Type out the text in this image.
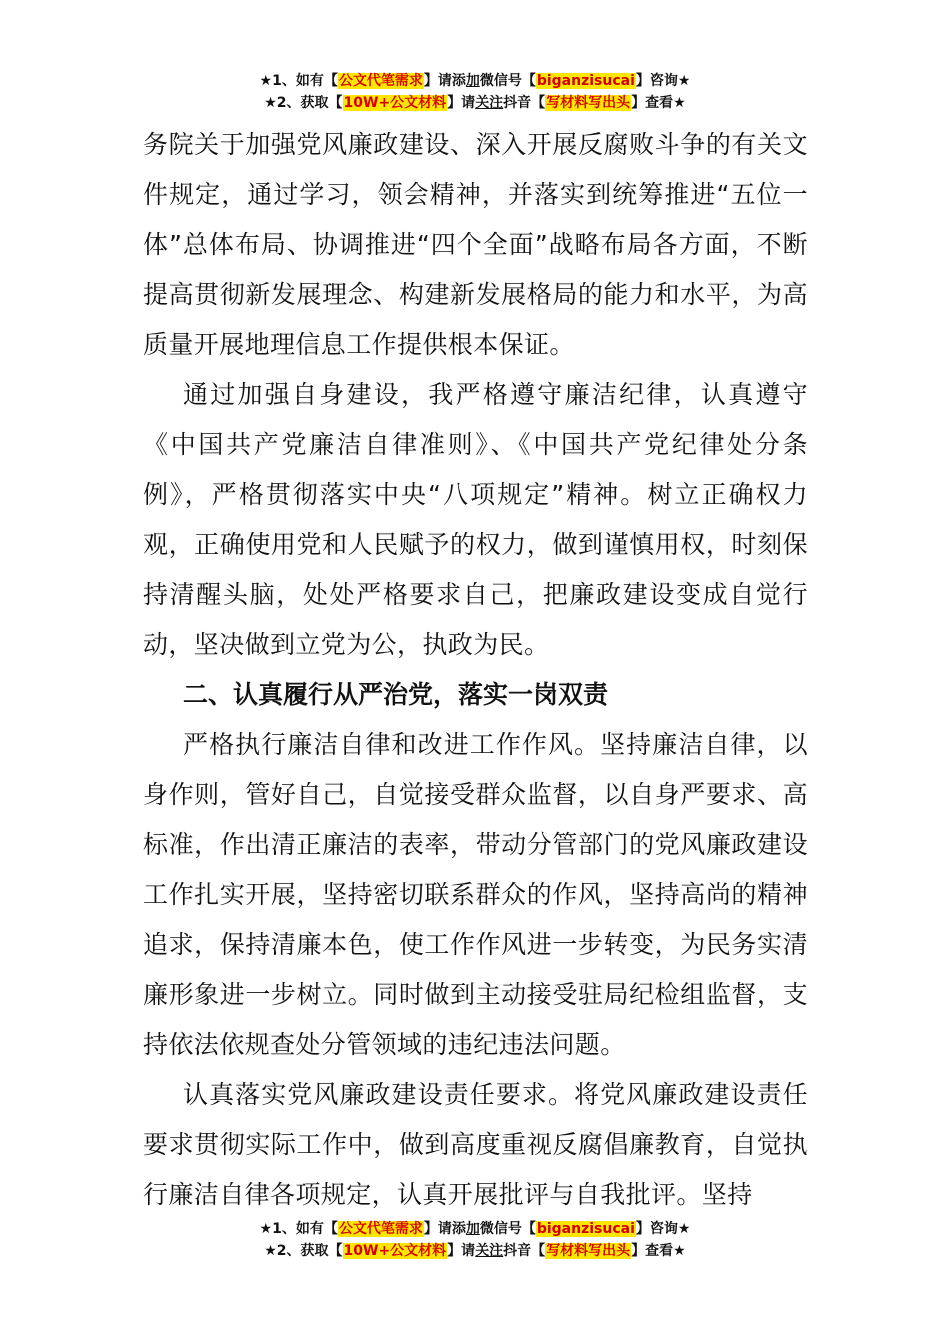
★1、如有【公文代笔需求】请添加微信号【biganzisucai】咨询★
★2、获取【10W+公文材料】请关注抖音【写材料写出头】查看★

务院关于加强党风廉政建设、深入开展反腐败斗争的有关文件规定，通过学习，领会精神，并落实到统筹推进“五位一体”总体布局、协调推进“四个全面”战略布局各方面，不断提高贯彻新发展理念、构建新发展格局的能力和水平，为高质量开展地理信息工作提供根本保证。

通过加强自身建设，我严格遵守廉洁纪律，认真遵守《中国共产党廉洁自律准则》、《中国共产党纪律处分条例》，严格贯彻落实中央“八项规定”精神。树立正确权力观，正确使用党和人民赋予的权力，做到谨慎用权，时刻保持清醒头脑，处处严格要求自己，把廉政建设变成自觉行动，坚决做到立党为公，执政为民。

二、认真履行从严治党，落实一岗双责

严格执行廉洁自律和改进工作作风。坚持廉洁自律，以身作则，管好自己，自觉接受群众监督，以自身严要求、高标准，作出清正廉洁的表率，带动分管部门的党风廉政建设工作扎实开展，坚持密切联系群众的作风，坚持高尚的精神追求，保持清廉本色，使工作作风进一步转变，为民务实清廉形象进一步树立。同时做到主动接受驻局纪检组监督，支持依法依规查处分管领域的违纪违法问题。

认真落实党风廉政建设责任要求。将党风廉政建设责任要求贯彻实际工作中，做到高度重视反腐倡廉教育，自觉执行廉洁自律各项规定，认真开展批评与自我批评。坚持

★1、如有【公文代笔需求】请添加微信号【biganzisucai】咨询★
★2、获取【10W+公文材料】请关注抖音【写材料写出头】查看★
